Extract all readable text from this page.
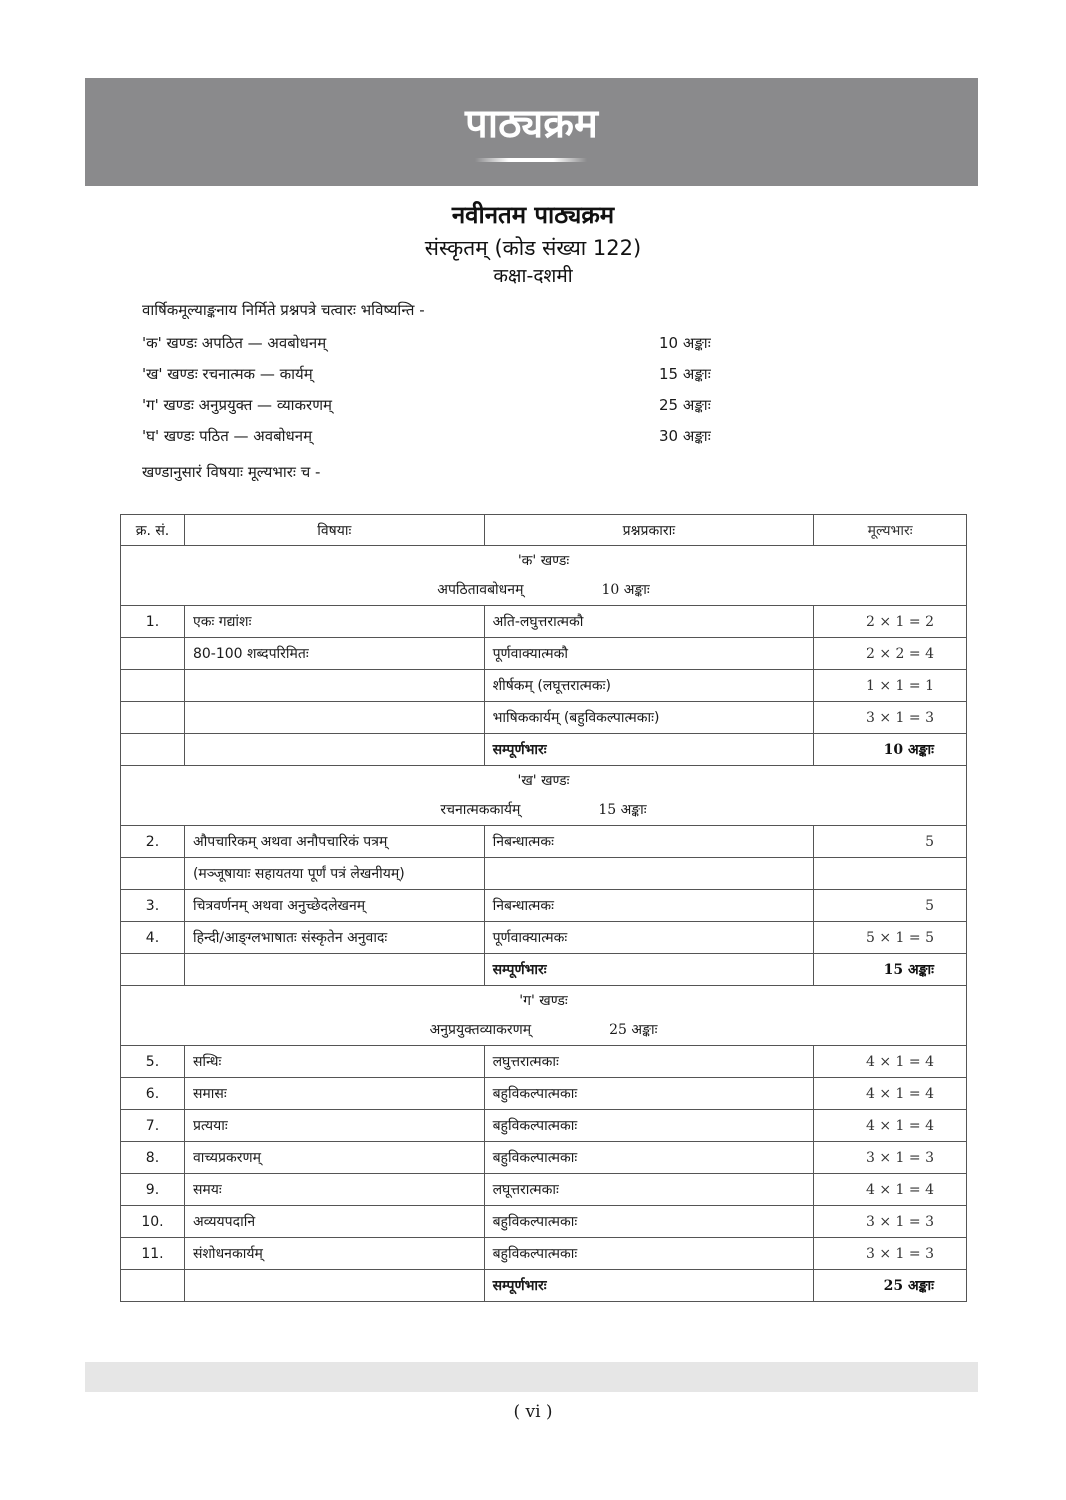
पाठ्यक्रम
नवीनतम पाठ्यक्रम
संस्कृतम् (कोड संख्या 122)
कक्षा-दशमी
वार्षिकमूल्याङ्कनाय निर्मिते प्रश्नपत्रे चत्वारः भविष्यन्ति -
'क' खण्डः अपठित — अवबोधनम्	10 अङ्काः
'ख' खण्डः रचनात्मक — कार्यम्	15 अङ्काः
'ग' खण्डः अनुप्रयुक्त — व्याकरणम्	25 अङ्काः
'घ' खण्डः पठित — अवबोधनम्	30 अङ्काः
खण्डानुसारं विषयाः मूल्यभारः च -
क्र. सं.	विषयाः	प्रश्नप्रकाराः	मूल्यभारः

'क' खण्डः
अपठितावबोधनम् 10 अङ्काः			

1.	एकः गद्यांशः	अति-लघुत्तरात्मकौ	2 × 1 = 2
	80-100 शब्दपरिमितः	पूर्णवाक्यात्मकौ	2 × 2 = 4
		शीर्षकम् (लघूत्तरात्मकः)	1 × 1 = 1
		भाषिककार्यम् (बहुविकल्पात्मकाः)	3 × 1 = 3
		सम्पूर्णभारः	10 अङ्काः

'ख' खण्डः
रचनात्मककार्यम् 15 अङ्काः			

2.	औपचारिकम् अथवा अनौपचारिकं पत्रम्	निबन्धात्मकः	5
	(मञ्जूषायाः सहायतया पूर्णं पत्रं लेखनीयम्)		
3.	चित्रवर्णनम् अथवा अनुच्छेदलेखनम्	निबन्धात्मकः	5
4.	हिन्दी/आङ्ग्लभाषातः संस्कृतेन अनुवादः	पूर्णवाक्यात्मकः	5 × 1 = 5
		सम्पूर्णभारः	15 अङ्काः

'ग' खण्डः
अनुप्रयुक्तव्याकरणम् 25 अङ्काः			

5.	सन्धिः	लघुत्तरात्मकाः	4 × 1 = 4
6.	समासः	बहुविकल्पात्मकाः	4 × 1 = 4
7.	प्रत्ययाः	बहुविकल्पात्मकाः	4 × 1 = 4
8.	वाच्यप्रकरणम्	बहुविकल्पात्मकाः	3 × 1 = 3
9.	समयः	लघूत्तरात्मकाः	4 × 1 = 4
10.	अव्ययपदानि	बहुविकल्पात्मकाः	3 × 1 = 3
11.	संशोधनकार्यम्	बहुविकल्पात्मकाः	3 × 1 = 3
		सम्पूर्णभारः	25 अङ्काः
( vi )
